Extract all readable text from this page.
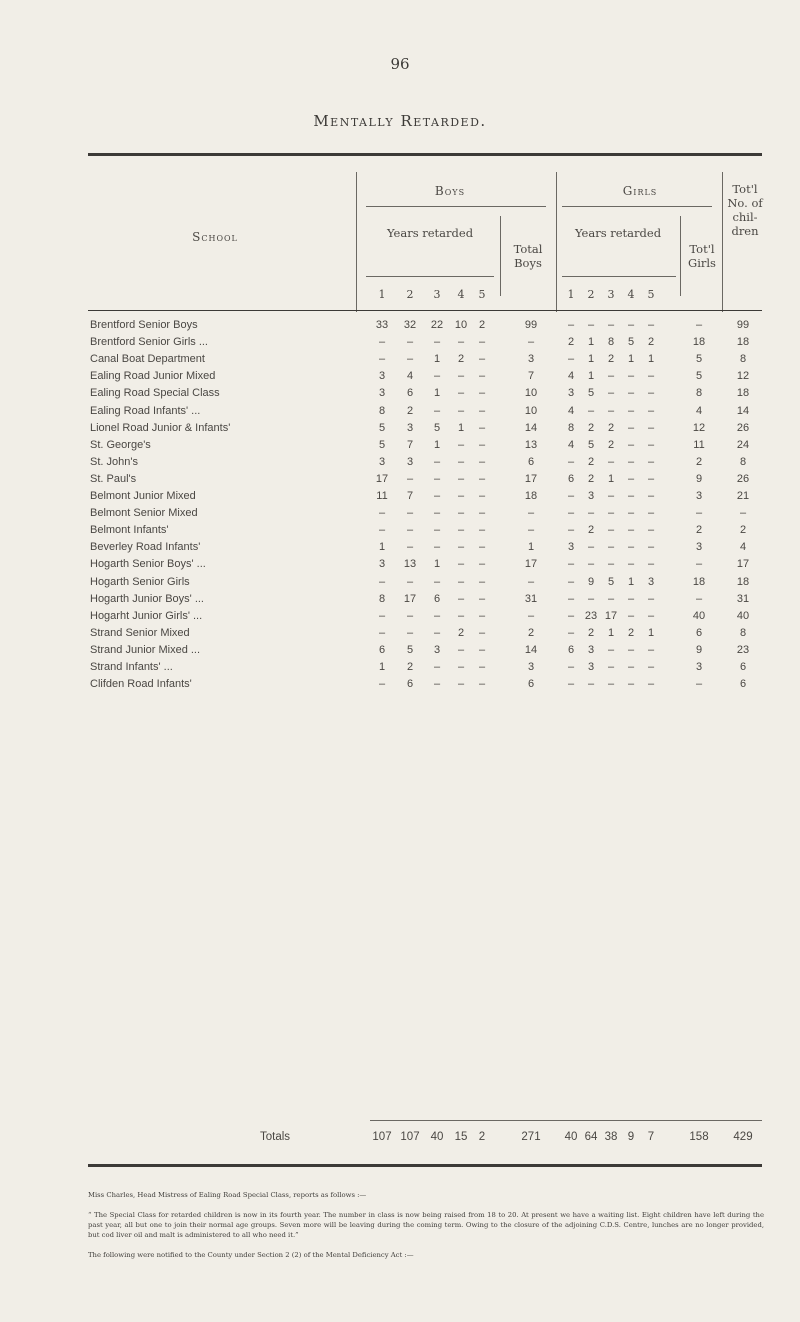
96
Mentally Retarded.
School
Boys	Girls
Years retarded
Total Boys
Years retarded
Tot'l Girls
Tot'l No. of chil-dren
1	1
2	2
3	3
4	4
5	5
Brentford Senior Boys	33	32	22	10	2	99	–	–	–	–	–	–	99
Brentford Senior Girls ...	–	–	–	–	–	–	2	1	8	5	2	18	18
Canal Boat Department	–	–	1	2	–	3	–	1	2	1	1	5	8
Ealing Road Junior Mixed	3	4	–	–	–	7	4	1	–	–	–	5	12
Ealing Road Special Class	3	6	1	–	–	10	3	5	–	–	–	8	18
Ealing Road Infants' ...	8	2	–	–	–	10	4	–	–	–	–	4	14
Lionel Road Junior & Infants'	5	3	5	1	–	14	8	2	2	–	–	12	26
St. George's	5	7	1	–	–	13	4	5	2	–	–	11	24
St. John's	3	3	–	–	–	6	–	2	–	–	–	2	8
St. Paul's	17	–	–	–	–	17	6	2	1	–	–	9	26
Belmont Junior Mixed	11	7	–	–	–	18	–	3	–	–	–	3	21
Belmont Senior Mixed	–	–	–	–	–	–	–	–	–	–	–	–	–
Belmont Infants'	–	–	–	–	–	–	–	2	–	–	–	2	2
Beverley Road Infants'	1	–	–	–	–	1	3	–	–	–	–	3	4
Hogarth Senior Boys' ...	3	13	1	–	–	17	–	–	–	–	–	–	17
Hogarth Senior Girls	–	–	–	–	–	–	–	9	5	1	3	18	18
Hogarth Junior Boys' ...	8	17	6	–	–	31	–	–	–	–	–	–	31
Hogarht Junior Girls' ...	–	–	–	–	–	–	– 23 17 –	–	40	40
Strand Senior Mixed	–	–	–	2	–	2	–	2	1	2	1	6	8
Strand Junior Mixed ...	6	5	3	–	–	14	6	3	–	–	–	9	23
Strand Infants' ...	1	2	–	–	–	3	–	3	–	–	–	3	6
Clifden Road Infants'	–	6	–	–	–	6	–	–	–	–	–	–	6
Totals	107 107 40 15 2	271	40 64 38 9	7	158	429
Miss Charles, Head Mistress of Ealing Road Special Class, reports as follows :—
“ The Special Class for retarded children is now in its fourth year. The number in class is now being raised from 18 to 20. At present we have a waiting list. Eight children have left during the past year, all but one to join their normal age groups. Seven more will be leaving during the coming term. Owing to the closure of the adjoining C.D.S. Centre, lunches are no longer provided, but cod liver oil and malt is administered to all who need it.”
The following were notified to the County under Section 2 (2) of the Mental Deficiency Act :—
